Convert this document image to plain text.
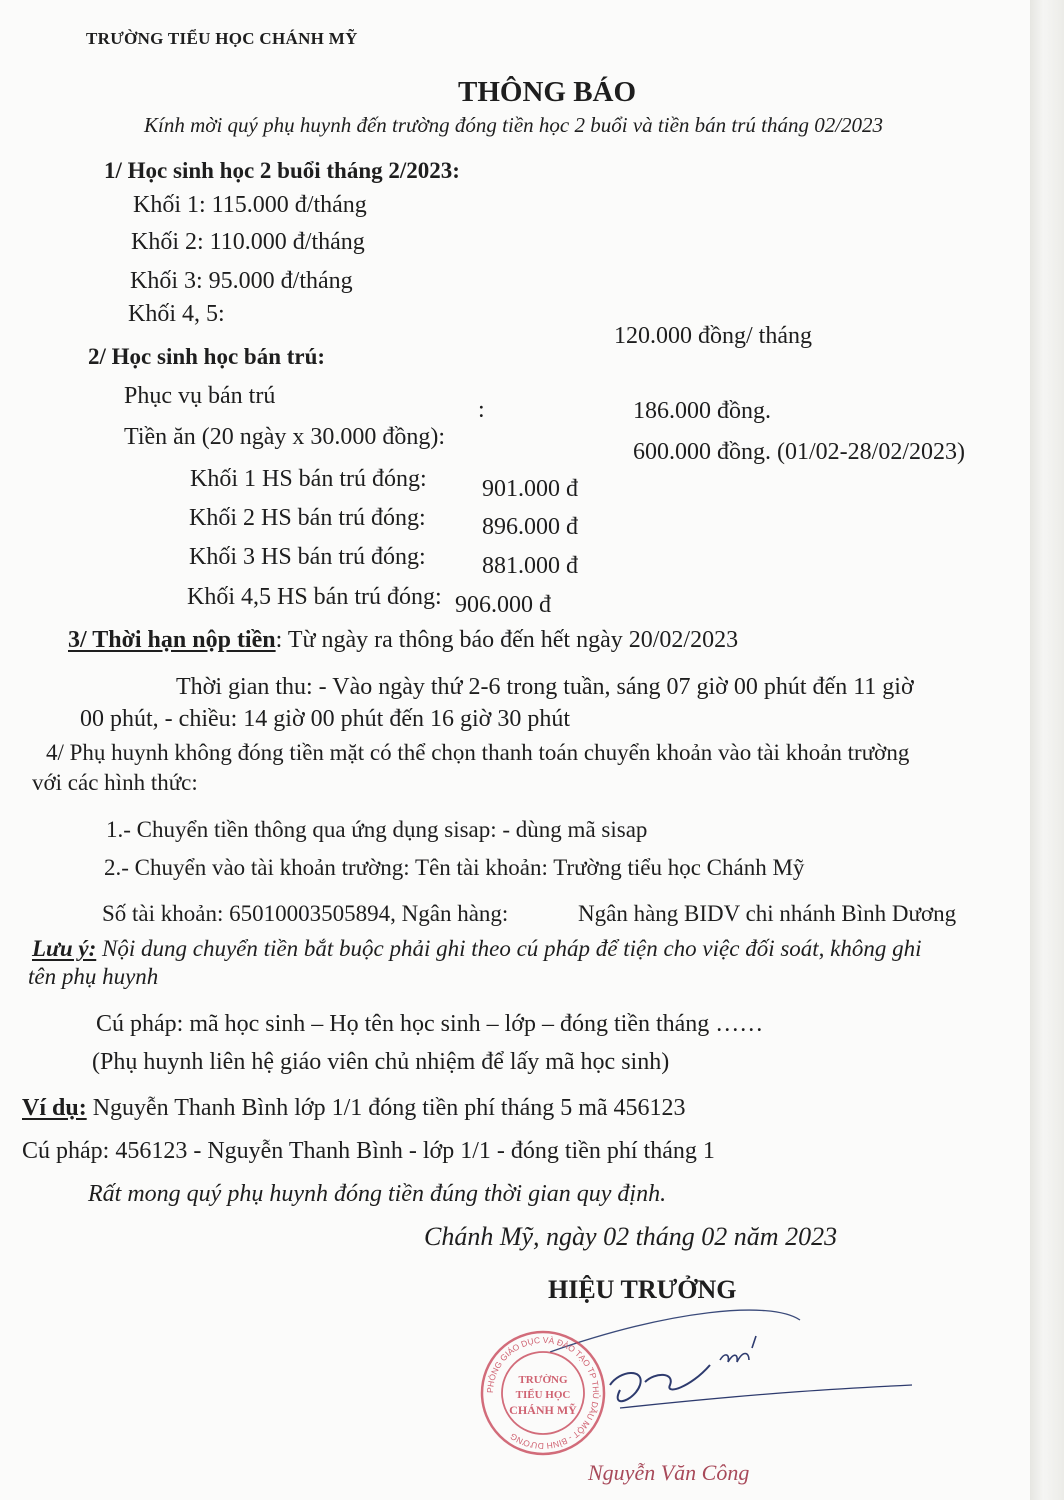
TRƯỜNG TIỂU HỌC CHÁNH MỸ
THÔNG BÁO
Kính mời quý phụ huynh đến trường đóng tiền học 2 buổi và tiền bán trú tháng 02/2023
1/ Học sinh học 2 buổi tháng 2/2023:
Khối 1: 115.000 đ/tháng
Khối 2: 110.000 đ/tháng
Khối 3: 95.000 đ/tháng
Khối 4, 5:
120.000 đồng/ tháng
2/ Học sinh học bán trú:
Phục vụ bán trú
:	186.000 đồng.
Tiền ăn (20 ngày x 30.000 đồng):
600.000 đồng. (01/02-28/02/2023)
Khối 1 HS bán trú đóng: 901.000 đ
Khối 2 HS bán trú đóng: 896.000 đ
Khối 3 HS bán trú đóng: 881.000 đ
Khối 4,5 HS bán trú đóng: 906.000 đ
3/ Thời hạn nộp tiền: Từ ngày ra thông báo đến hết ngày 20/02/2023
Thời gian thu: - Vào ngày thứ 2-6 trong tuần, sáng 07 giờ 00 phút đến 11 giờ
00 phút, - chiều: 14 giờ 00 phút đến 16 giờ 30 phút
4/ Phụ huynh không đóng tiền mặt có thể chọn thanh toán chuyển khoản vào tài khoản trường
với các hình thức:
1.- Chuyển tiền thông qua ứng dụng sisap: - dùng mã sisap
2.- Chuyển vào tài khoản trường: Tên tài khoản: Trường tiểu học Chánh Mỹ
Số tài khoản: 65010003505894, Ngân hàng:	Ngân hàng BIDV chi nhánh Bình Dương
Lưu ý: Nội dung chuyển tiền bắt buộc phải ghi theo cú pháp để tiện cho việc đối soát, không ghi
tên phụ huynh
Cú pháp: mã học sinh – Họ tên học sinh – lớp – đóng tiền tháng ……
(Phụ huynh liên hệ giáo viên chủ nhiệm để lấy mã học sinh)
Ví dụ: Nguyễn Thanh Bình lớp 1/1 đóng tiền phí tháng 5 mã 456123
Cú pháp: 456123 - Nguyễn Thanh Bình - lớp 1/1 - đóng tiền phí tháng 1
Rất mong quý phụ huynh đóng tiền đúng thời gian quy định.
Chánh Mỹ, ngày 02 tháng 02 năm 2023
HIỆU TRƯỞNG
PHÒNG GIÁO DỤC VÀ ĐÀO TẠO TP THỦ DẦU MỘT - BÌNH DƯƠNG
TRƯỜNG
TIỂU HỌC
CHÁNH MỸ
Nguyễn Văn Công
